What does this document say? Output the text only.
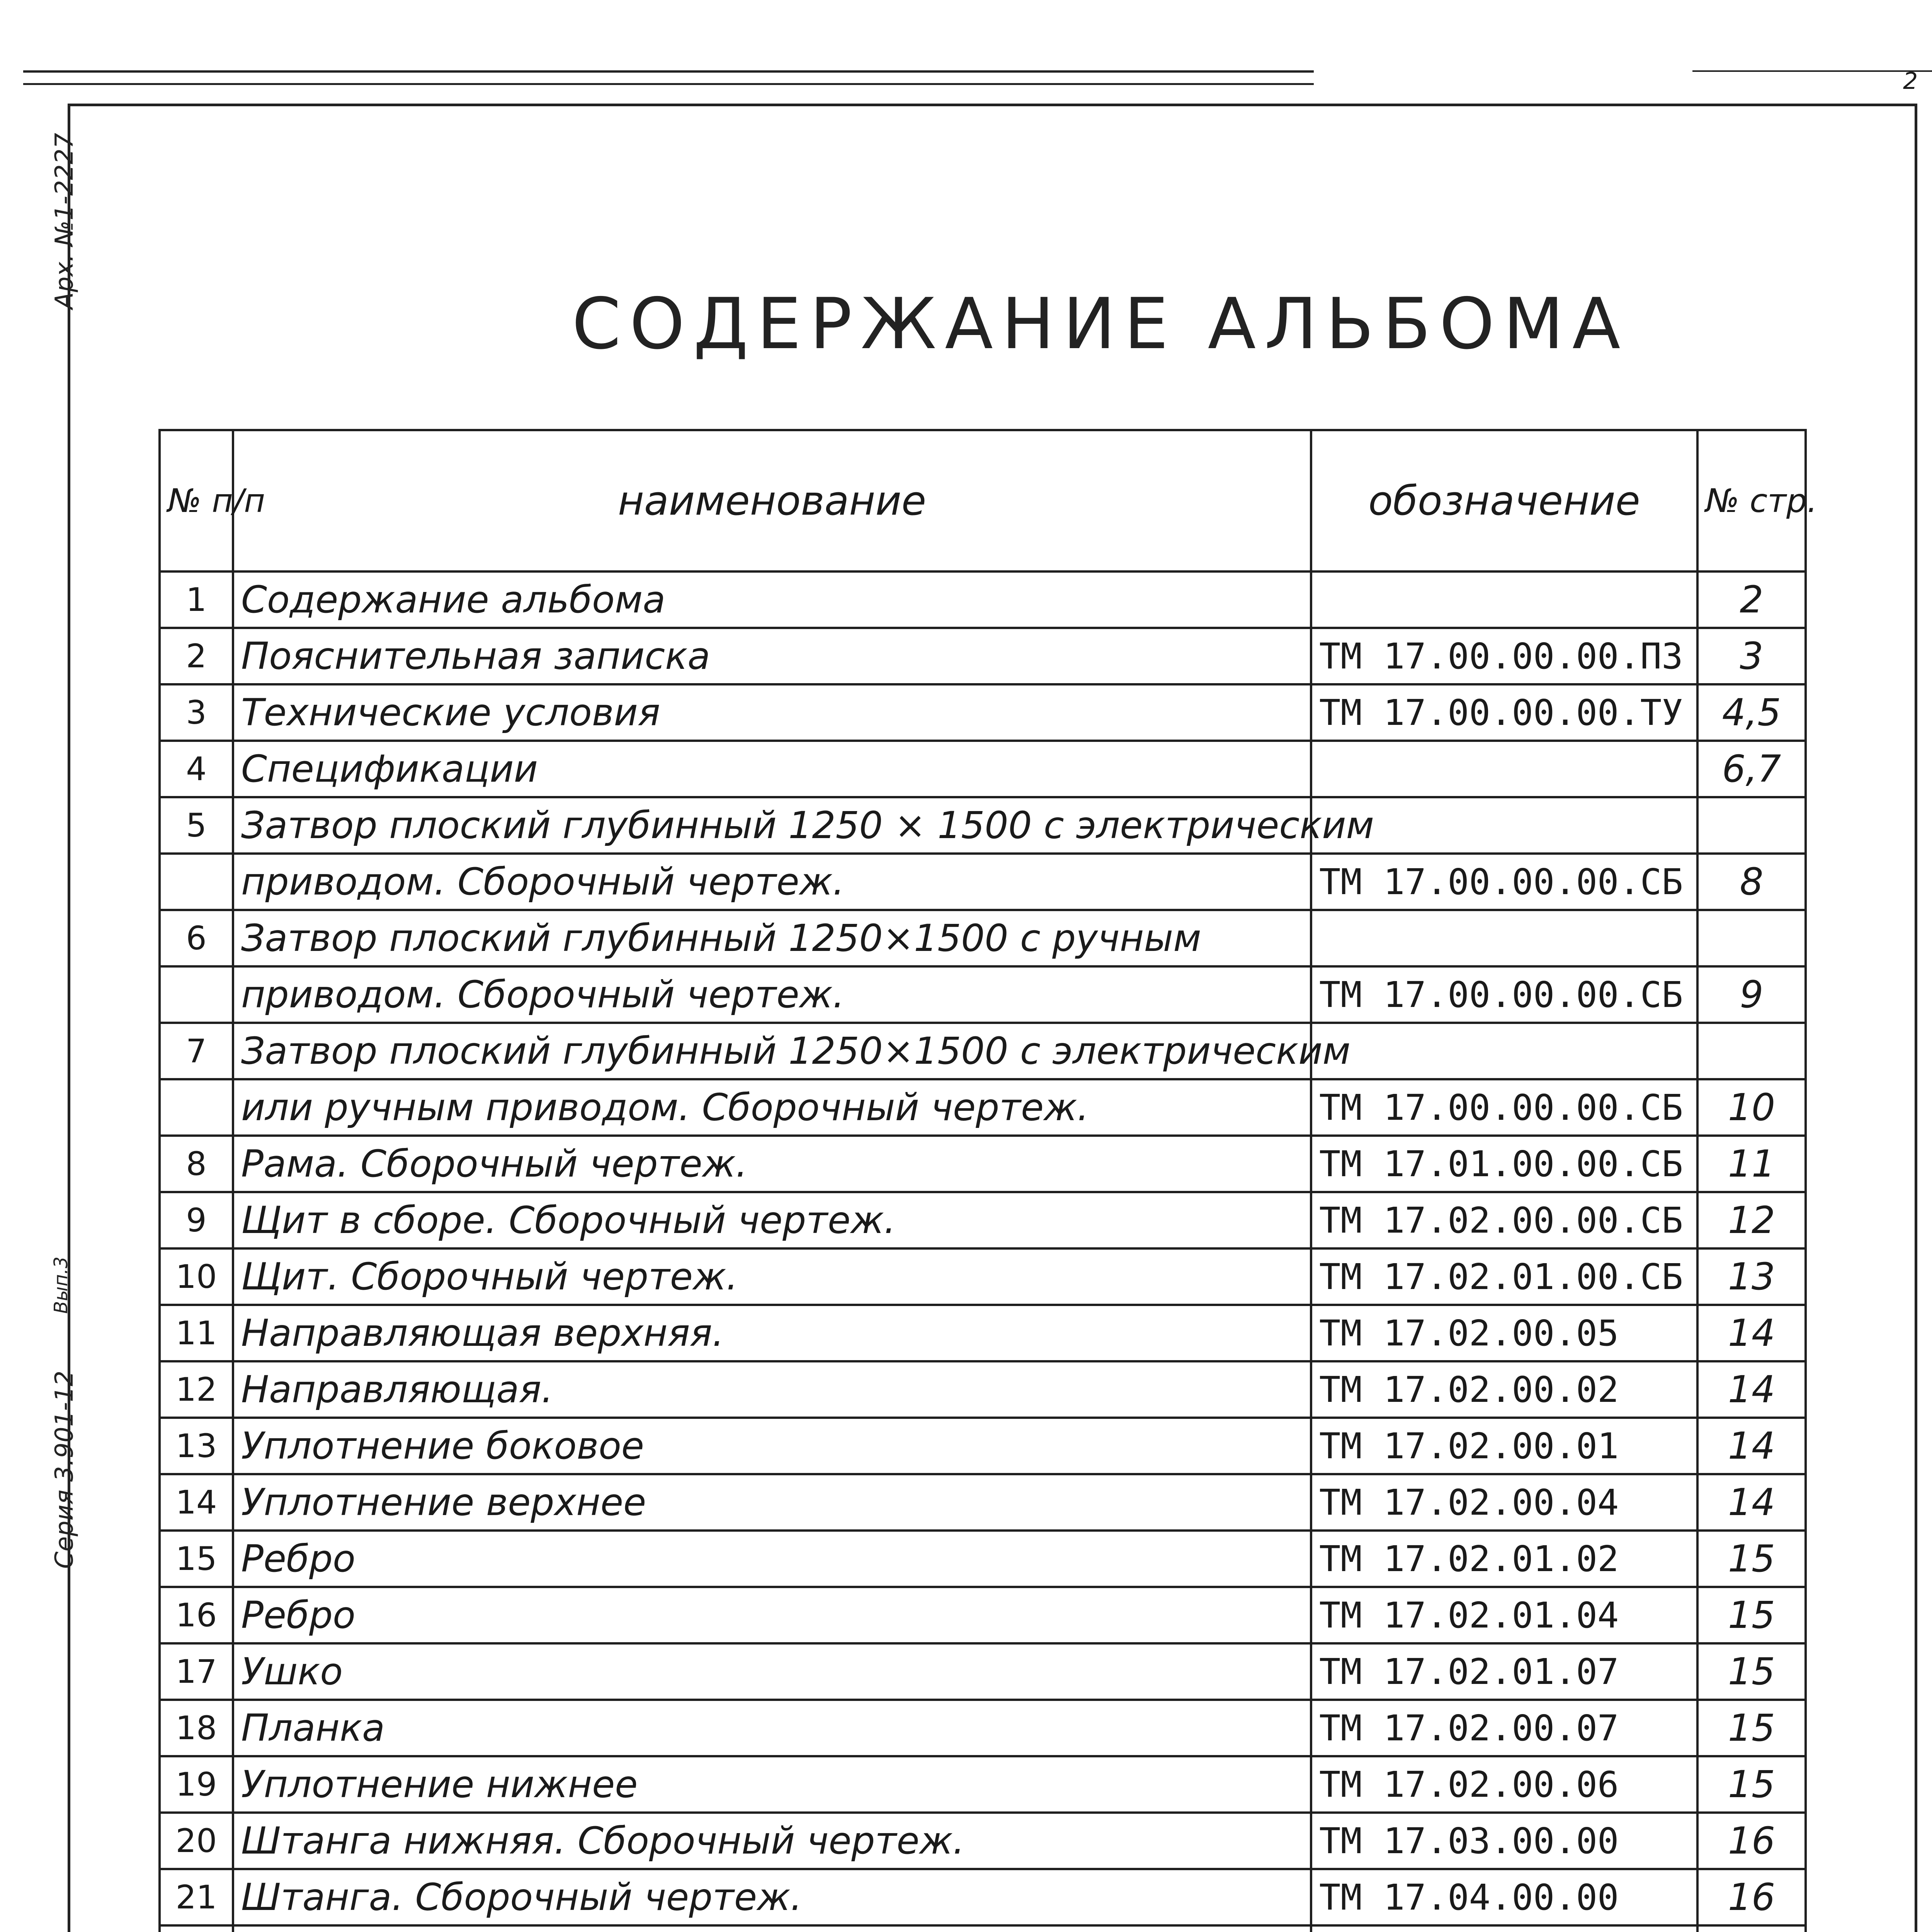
2
Арх. №1-2227
Вып.3
Серия 3.901-12
СОДЕРЖАНИЕ АЛЬБОМА
№ п/п	наименование	обозначение	№ стр.
1	Содержание альбома		2
2	Пояснительная записка	ТМ 17.00.00.00.ПЗ	3
3	Технические условия	ТМ 17.00.00.00.ТУ	4,5
4	Спецификации		6,7
5	Затвор плоский глубинный 1250 × 1500 с электрическим		
	приводом. Сборочный чертеж.	ТМ 17.00.00.00.СБ	8
6	Затвор плоский глубинный 1250×1500 с ручным		
	приводом. Сборочный чертеж.	ТМ 17.00.00.00.СБ	9
7	Затвор плоский глубинный 1250×1500 с электрическим		
	или ручным приводом. Сборочный чертеж.	ТМ 17.00.00.00.СБ	10
8	Рама. Сборочный чертеж.	ТМ 17.01.00.00.СБ	11
9	Щит в сборе. Сборочный чертеж.	ТМ 17.02.00.00.СБ	12
10	Щит. Сборочный чертеж.	ТМ 17.02.01.00.СБ	13
11	Направляющая верхняя.	ТМ 17.02.00.05	14
12	Направляющая.	ТМ 17.02.00.02	14
13	Уплотнение боковое	ТМ 17.02.00.01	14
14	Уплотнение верхнее	ТМ 17.02.00.04	14
15	Ребро	ТМ 17.02.01.02	15
16	Ребро	ТМ 17.02.01.04	15
17	Ушко	ТМ 17.02.01.07	15
18	Планка	ТМ 17.02.00.07	15
19	Уплотнение нижнее	ТМ 17.02.00.06	15
20	Штанга нижняя. Сборочный чертеж.	ТМ 17.03.00.00	16
21	Штанга. Сборочный чертеж.	ТМ 17.04.00.00	16
